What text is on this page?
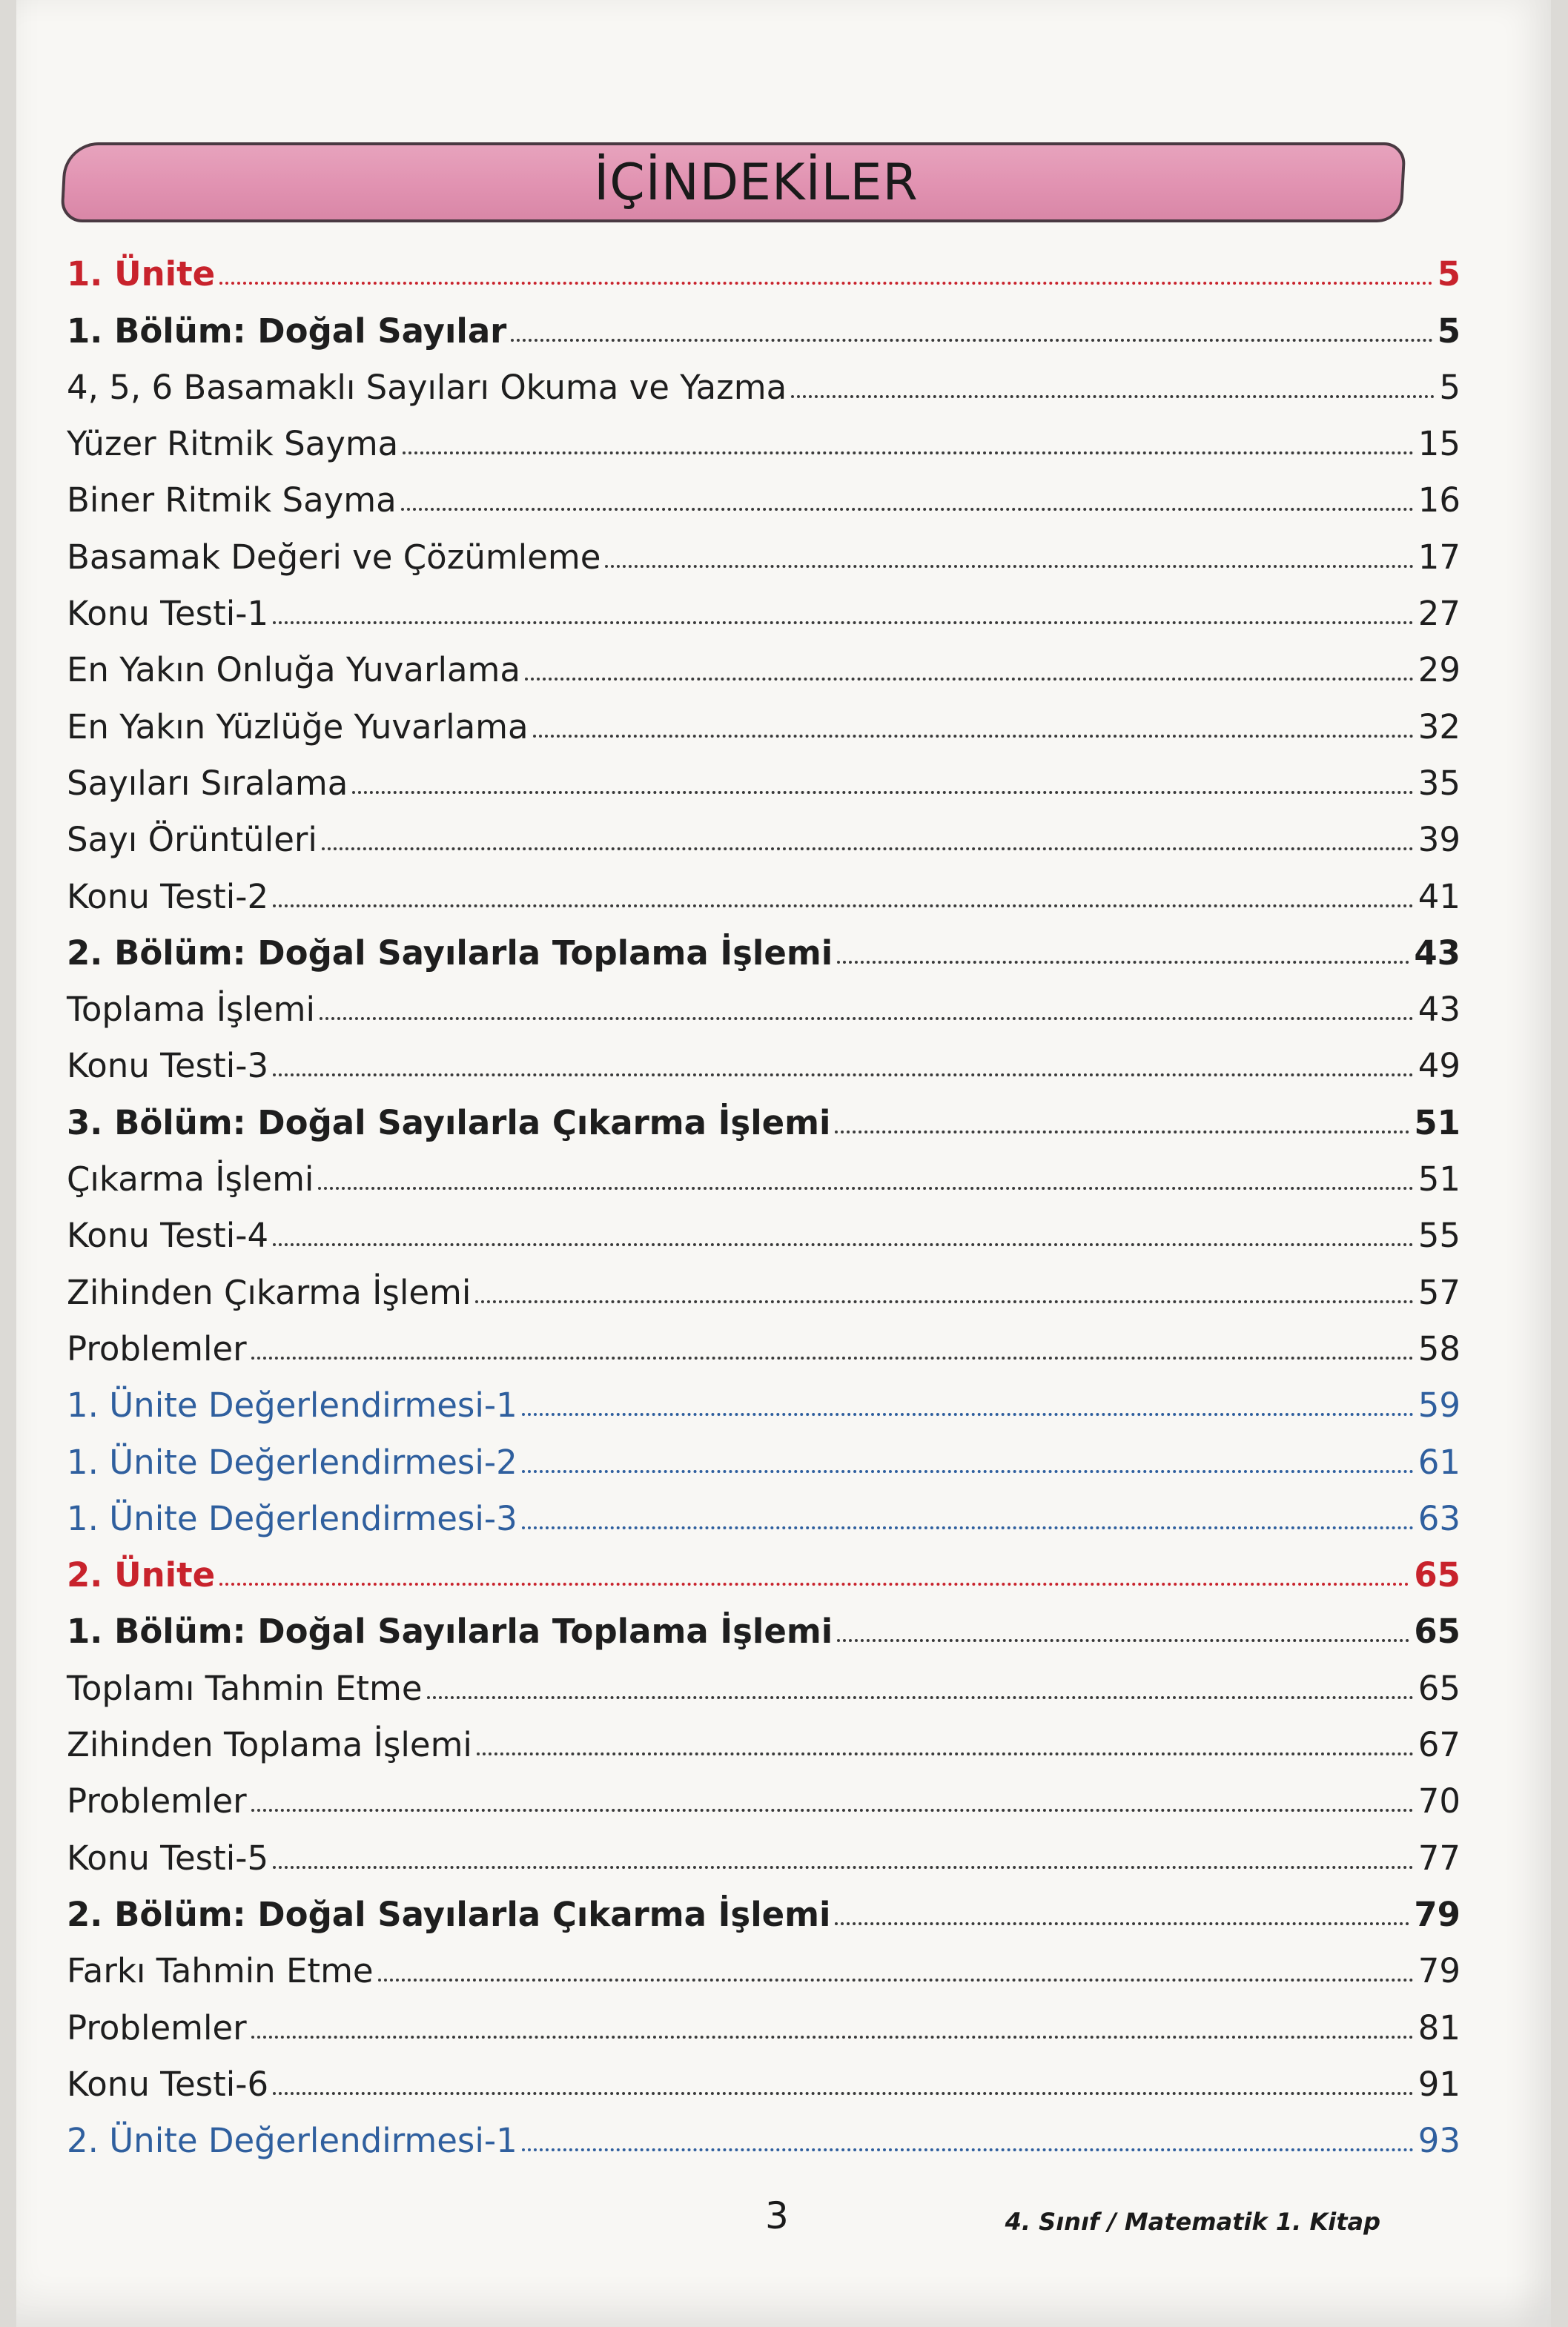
İÇİNDEKİLER
1. Ünite	5
1. Bölüm: Doğal Sayılar	5
4, 5, 6 Basamaklı Sayıları Okuma ve Yazma	5
Yüzer Ritmik Sayma	15
Biner Ritmik Sayma	16
Basamak Değeri ve Çözümleme	17
Konu Testi-1	27
En Yakın Onluğa Yuvarlama	29
En Yakın Yüzlüğe Yuvarlama	32
Sayıları Sıralama	35
Sayı Örüntüleri	39
Konu Testi-2	41
2. Bölüm: Doğal Sayılarla Toplama İşlemi	43
Toplama İşlemi	43
Konu Testi-3	49
3. Bölüm: Doğal Sayılarla Çıkarma İşlemi	51
Çıkarma İşlemi	51
Konu Testi-4	55
Zihinden Çıkarma İşlemi	57
Problemler	58
1. Ünite Değerlendirmesi-1	59
1. Ünite Değerlendirmesi-2	61
1. Ünite Değerlendirmesi-3	63
2. Ünite	65
1. Bölüm: Doğal Sayılarla Toplama İşlemi	65
Toplamı Tahmin Etme	65
Zihinden Toplama İşlemi	67
Problemler	70
Konu Testi-5	77
2. Bölüm: Doğal Sayılarla Çıkarma İşlemi	79
Farkı Tahmin Etme	79
Problemler	81
Konu Testi-6	91
2. Ünite Değerlendirmesi-1	93
3	4. Sınıf / Matematik 1. Kitap
